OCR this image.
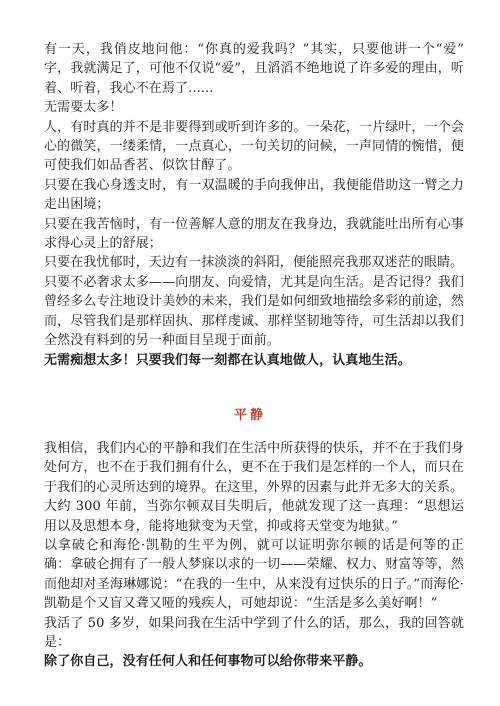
有一天，我俏皮地问他：“你真的爱我吗？”其实，只要他讲一个“爱” 字，我就满足了，可他不仅说“爱”，且滔滔不绝地说了许多爱的理由，听着、听着，我心不在焉了......

无需要太多！

人，有时真的并不是非要得到或听到许多的。一朵花，一片绿叶，一个会心的微笑，一缕柔情，一点真心，一句关切的问候，一声同情的惋惜，便可使我们如品香茗、似饮甘醇了。

只要在我心身透支时，有一双温暖的手向我伸出，我便能借助这一臂之力走出困境；

只要在我苦恼时，有一位善解人意的朋友在我身边，我就能吐出所有心事求得心灵上的舒展；

只要在我忧郁时，天边有一抹淡淡的斜阳，便能照亮我那双迷茫的眼睛。

只要不必奢求太多——向朋友、向爱情，尤其是向生活。是否记得？我们曾经多么专注地设计美妙的未来，我们是如何细致地描绘多彩的前途，然而，尽管我们是那样固执、那样虔诚、那样坚韧地等待，可生活却以我们全然没有料到的另一种面目呈现于面前。

无需痴想太多！只要我们每一刻都在认真地做人，认真地生活。

平静

我相信，我们内心的平静和我们在生活中所获得的快乐，并不在于我们身处何方，也不在于我们拥有什么，更不在于我们是怎样的一个人，而只在于我们的心灵所达到的境界。在这里，外界的因素与此并无多大的关系。

大约 300 年前，当弥尔顿双目失明后，他就发现了这一真理：“思想运用以及思想本身，能将地狱变为天堂，抑或将天堂变为地狱。”

以拿破仑和海伦·凯勒的生平为例，就可以证明弥尔顿的话是何等的正确：拿破仑拥有了一般人梦寐以求的一切——荣耀、权力、财富等等，然而他却对圣海琳娜说：“在我的一生中，从来没有过快乐的日子。”而海伦·凯勒是个又盲又聋又哑的残疾人，可她却说：“生活是多么美好啊！”

我活了 50 多岁，如果问我在生活中学到了什么的话，那么，我的回答就是：

除了你自己，没有任何人和任何事物可以给你带来平静。
